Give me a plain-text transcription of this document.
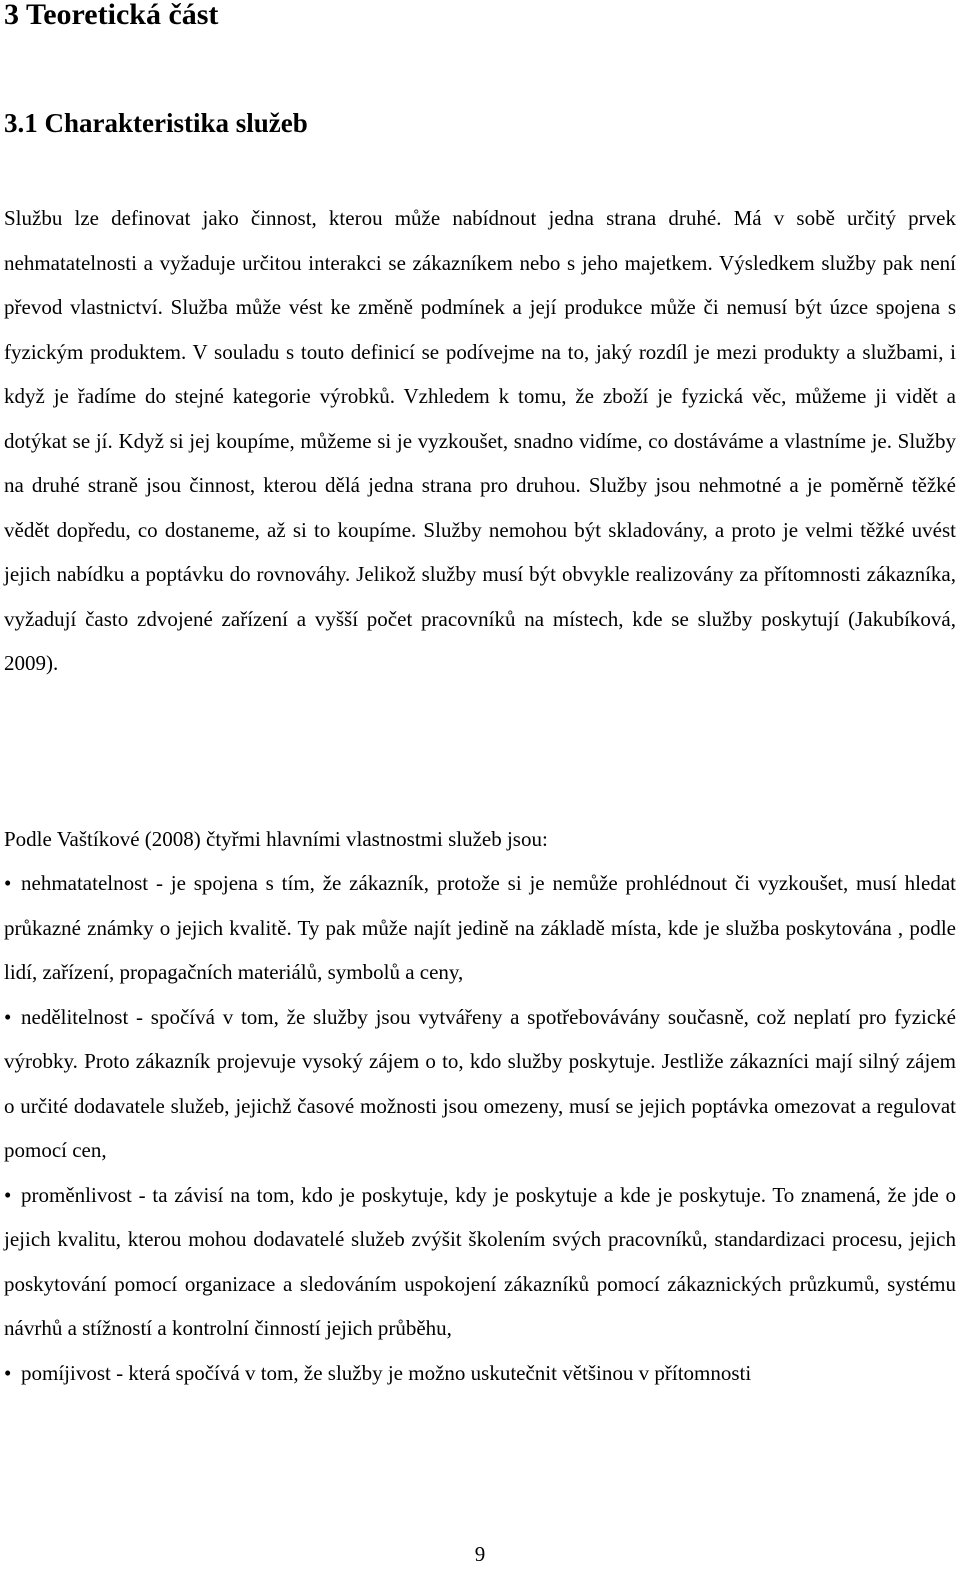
3 Teoretická část
3.1 Charakteristika služeb

Službu lze definovat jako činnost, kterou může nabídnout jedna strana druhé. Má v sobě určitý prvek nehmatatelnosti a vyžaduje určitou interakci se zákazníkem nebo s jeho majetkem. Výsledkem služby pak není převod vlastnictví. Služba může vést ke změně podmínek a její produkce může či nemusí být úzce spojena s fyzickým produktem. V souladu s touto definicí se podívejme na to, jaký rozdíl je mezi produkty a službami, i když je řadíme do stejné kategorie výrobků. Vzhledem k tomu, že zboží je fyzická věc, můžeme ji vidět a dotýkat se jí. Když si jej koupíme, můžeme si je vyzkoušet, snadno vidíme, co dostáváme a vlastníme je. Služby na druhé straně jsou činnost, kterou dělá jedna strana pro druhou. Služby jsou nehmotné a je poměrně těžké vědět dopředu, co dostaneme, až si to koupíme. Služby nemohou být skladovány, a proto je velmi těžké uvést jejich nabídku a poptávku do rovnováhy. Jelikož služby musí být obvykle realizovány za přítomnosti zákazníka, vyžadují často zdvojené zařízení a vyšší počet pracovníků na místech, kde se služby poskytují (Jakubíková, 2009).

Podle Vaštíkové (2008) čtyřmi hlavními vlastnostmi služeb jsou:

• nehmatatelnost - je spojena s tím, že zákazník, protože si je nemůže prohlédnout či vyzkoušet, musí hledat průkazné známky o jejich kvalitě. Ty pak může najít jedině na základě místa, kde je služba poskytována , podle lidí, zařízení, propagačních materiálů, symbolů a ceny,
• nedělitelnost - spočívá v tom, že služby jsou vytvářeny a spotřebovávány současně, což neplatí pro fyzické výrobky. Proto zákazník projevuje vysoký zájem o to, kdo služby poskytuje. Jestliže zákazníci mají silný zájem o určité dodavatele služeb, jejichž časové možnosti jsou omezeny, musí se jejich poptávka omezovat a regulovat pomocí cen,
• proměnlivost - ta závisí na tom, kdo je poskytuje, kdy je poskytuje a kde je poskytuje. To znamená, že jde o jejich kvalitu, kterou mohou dodavatelé služeb zvýšit školením svých pracovníků, standardizaci procesu, jejich poskytování pomocí organizace a sledováním uspokojení zákazníků pomocí zákaznických průzkumů, systému návrhů a stížností a kontrolní činností jejich průběhu,
• pomíjivost - která spočívá v tom, že služby je možno uskutečnit většinou v přítomnosti
9
